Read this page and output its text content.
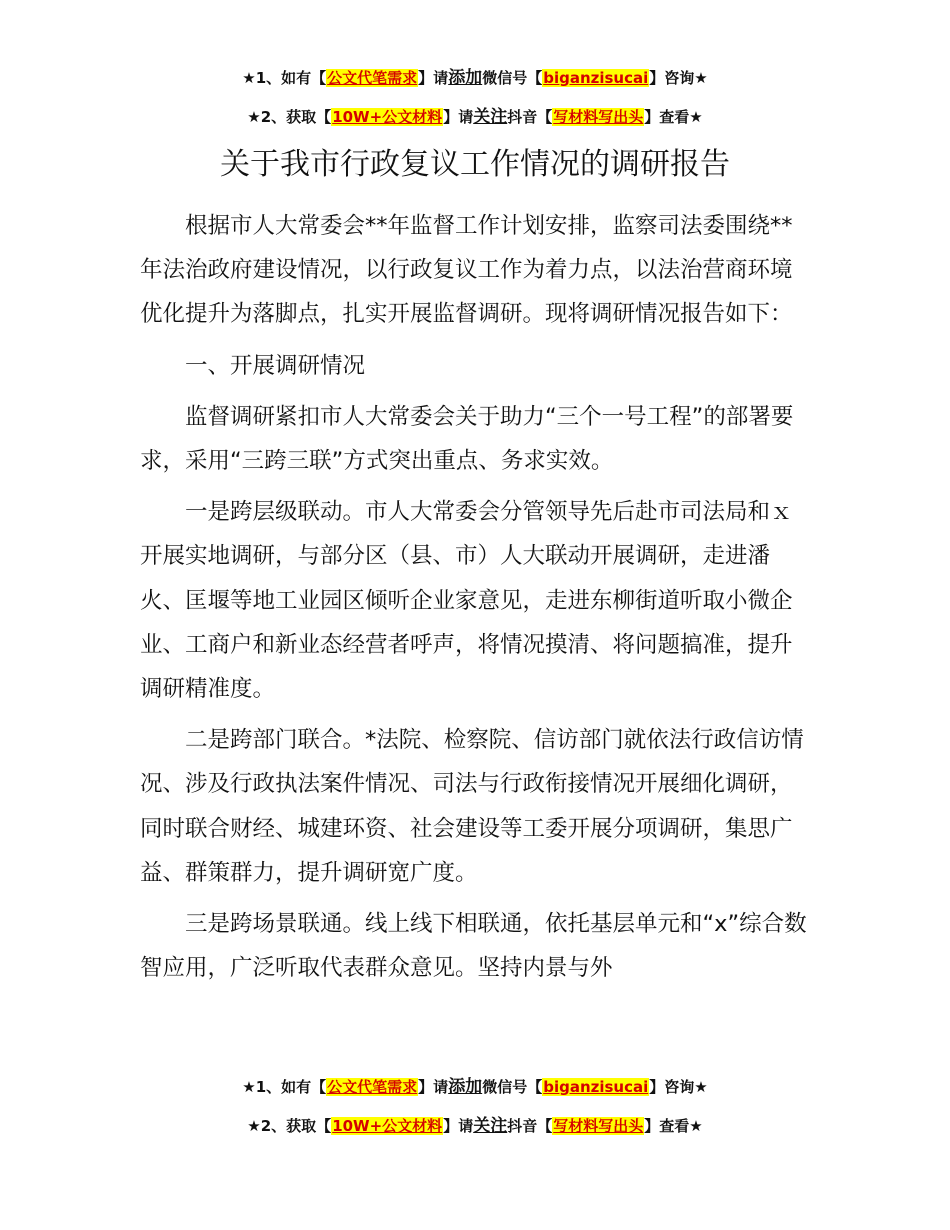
★1、如有【公文代笔需求】请添加微信号【biganzisucai】咨询★
★2、获取【10W+公文材料】请关注抖音【写材料写出头】查看★
关于我市行政复议工作情况的调研报告

根据市人大常委会**年监督工作计划安排，监察司法委围绕**年法治政府建设情况，以行政复议工作为着力点，以法治营商环境优化提升为落脚点，扎实开展监督调研。现将调研情况报告如下：

一、开展调研情况

监督调研紧扣市人大常委会关于助力“三个一号工程”的部署要求，采用“三跨三联”方式突出重点、务求实效。

一是跨层级联动。市人大常委会分管领导先后赴市司法局和ｘ开展实地调研，与部分区（县、市）人大联动开展调研，走进潘火、匡堰等地工业园区倾听企业家意见，走进东柳街道听取小微企业、工商户和新业态经营者呼声，将情况摸清、将问题搞准，提升调研精准度。

二是跨部门联合。*法院、检察院、信访部门就依法行政信访情况、涉及行政执法案件情况、司法与行政衔接情况开展细化调研，同时联合财经、城建环资、社会建设等工委开展分项调研，集思广益、群策群力，提升调研宽广度。

三是跨场景联通。线上线下相联通，依托基层单元和“x”综合数智应用，广泛听取代表群众意见。坚持内景与外

★1、如有【公文代笔需求】请添加微信号【biganzisucai】咨询★
★2、获取【10W+公文材料】请关注抖音【写材料写出头】查看★
